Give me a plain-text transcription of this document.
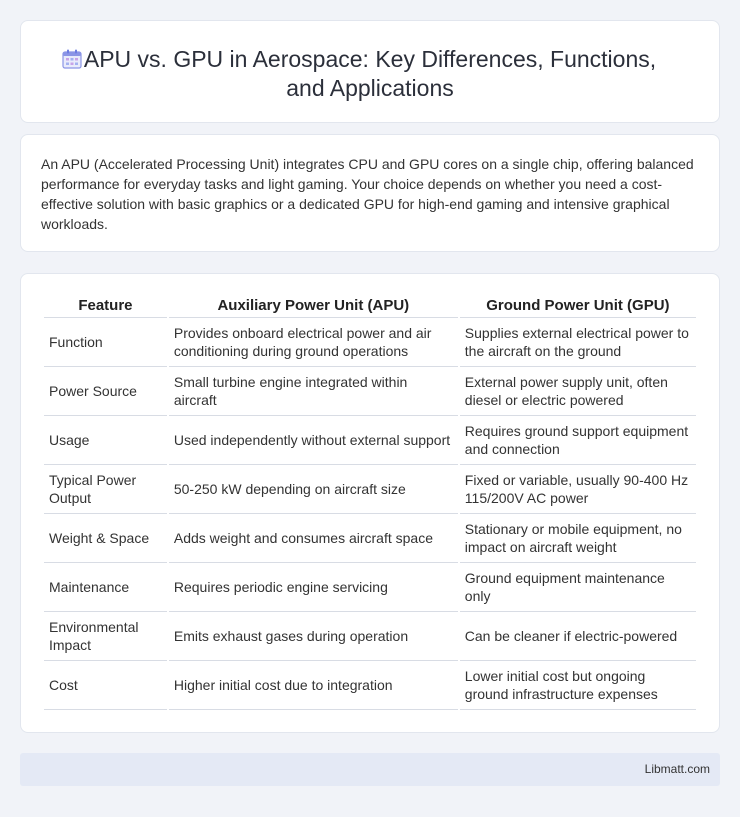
APU vs. GPU in Aerospace: Key Differences, Functions,
and Applications

An APU (Accelerated Processing Unit) integrates CPU and GPU cores on a single chip, offering balanced performance for everyday tasks and light gaming. Your choice depends on whether you need a cost-effective solution with basic graphics or a dedicated GPU for high-end gaming and intensive graphical workloads.

Feature	Auxiliary Power Unit (APU)	Ground Power Unit (GPU)
Function	Provides onboard electrical power and air conditioning during ground operations	Supplies external electrical power to the aircraft on the ground
Power Source	Small turbine engine integrated within aircraft	External power supply unit, often diesel or electric powered
Usage	Used independently without external support	Requires ground support equipment and connection
Typical Power Output	50-250 kW depending on aircraft size	Fixed or variable, usually 90-400 Hz 115/200V AC power
Weight & Space	Adds weight and consumes aircraft space	Stationary or mobile equipment, no impact on aircraft weight
Maintenance	Requires periodic engine servicing	Ground equipment maintenance only
Environmental Impact	Emits exhaust gases during operation	Can be cleaner if electric-powered
Cost	Higher initial cost due to integration	Lower initial cost but ongoing ground infrastructure expenses
Libmatt.com
